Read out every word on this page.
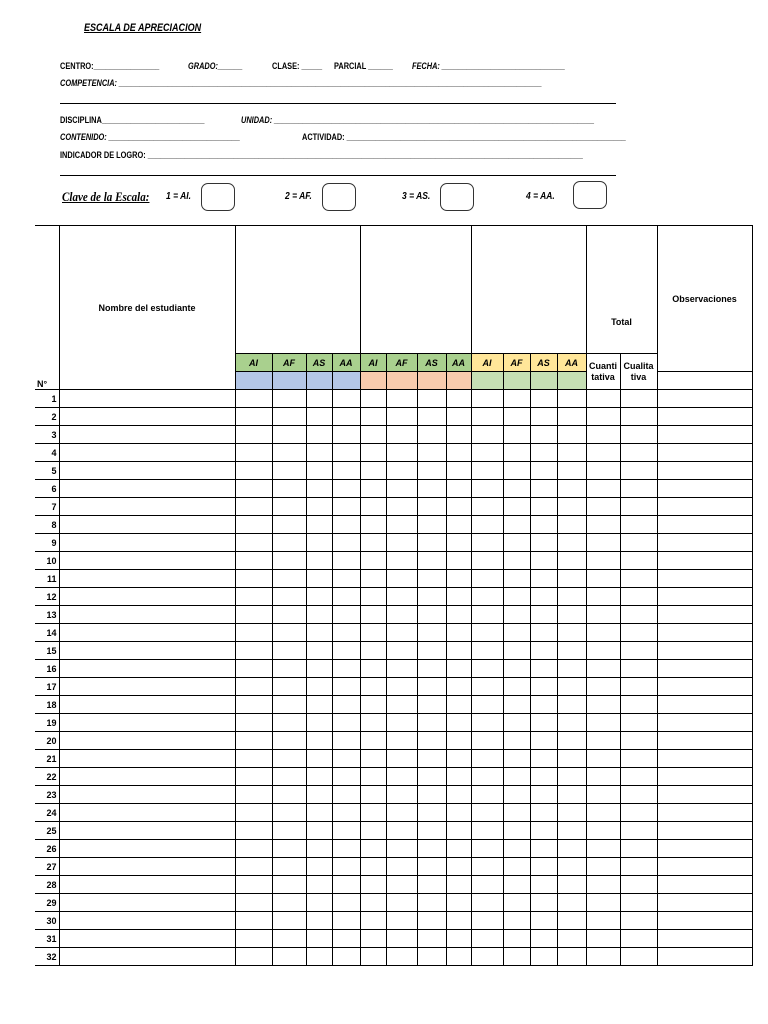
ESCALA DE APRECIACION
CENTRO:________________	GRADO:______	CLASE: _____ PARCIAL ______ FECHA: ______________________________
COMPETENCIA: _______________________________________________________________________________________________________
DISCIPLINA_________________________	UNIDAD: ______________________________________________________________________________
CONTENIDO: ________________________________	ACTIVIDAD: ____________________________________________________________________
INDICADOR DE LOGRO: __________________________________________________________________________________________________________
Clave de la Escala: 1 = AI.	2 = AF.	3 = AS.	4 = AA.
N°	Nombre del estudiante													Total		Observaciones
		AI	AF	AS	AA	AI	AF	AS	AA	AI	AF	AS	AA	Cuanti tativa	Cualita tiva	

1																
2																
3																
4																
5																
6																
7																
8																
9																
10																
11																
12																
13																
14																
15																
16																
17																
18																
19																
20																
21																
22																
23																
24																
25																
26																
27																
28																
29																
30																
31																
32																
